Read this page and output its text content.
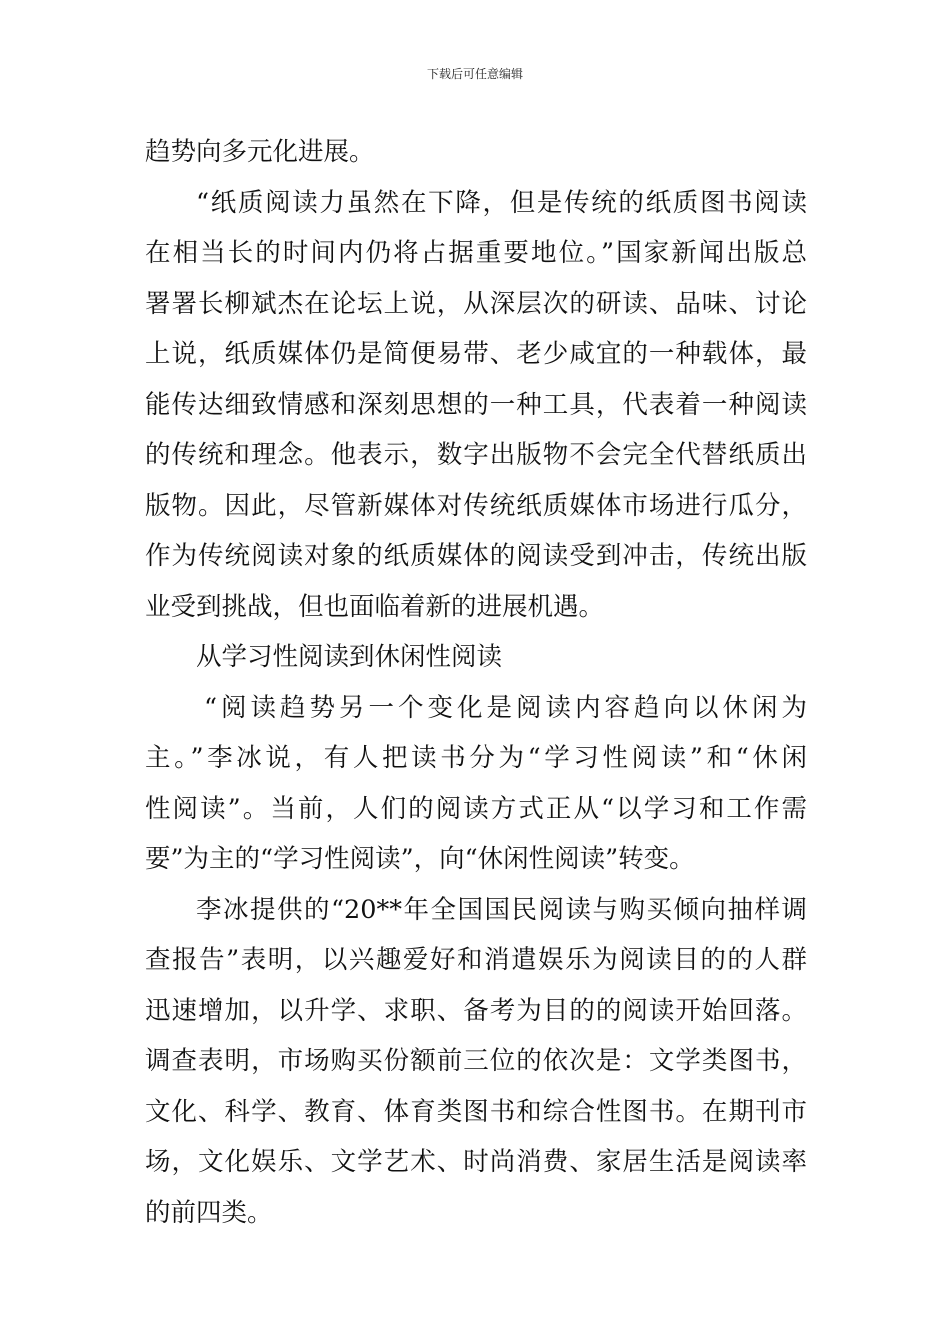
下载后可任意编辑
趋势向多元化进展。
“纸质阅读力虽然在下降，但是传统的纸质图书阅读
在相当长的时间内仍将占据重要地位。”国家新闻出版总
署署长柳斌杰在论坛上说，从深层次的研读、品味、讨论
上说，纸质媒体仍是简便易带、老少咸宜的一种载体，最
能传达细致情感和深刻思想的一种工具，代表着一种阅读
的传统和理念。他表示，数字出版物不会完全代替纸质出
版物。因此，尽管新媒体对传统纸质媒体市场进行瓜分，
作为传统阅读对象的纸质媒体的阅读受到冲击，传统出版
业受到挑战，但也面临着新的进展机遇。
从学习性阅读到休闲性阅读
“阅读趋势另一个变化是阅读内容趋向以休闲为
主。”李冰说，有人把读书分为“学习性阅读”和“休闲
性阅读”。当前，人们的阅读方式正从“以学习和工作需
要”为主的“学习性阅读”，向“休闲性阅读”转变。
李冰提供的“20**年全国国民阅读与购买倾向抽样调
查报告”表明，以兴趣爱好和消遣娱乐为阅读目的的人群
迅速增加，以升学、求职、备考为目的的阅读开始回落。
调查表明，市场购买份额前三位的依次是：文学类图书，
文化、科学、教育、体育类图书和综合性图书。在期刊市
场，文化娱乐、文学艺术、时尚消费、家居生活是阅读率
的前四类。
